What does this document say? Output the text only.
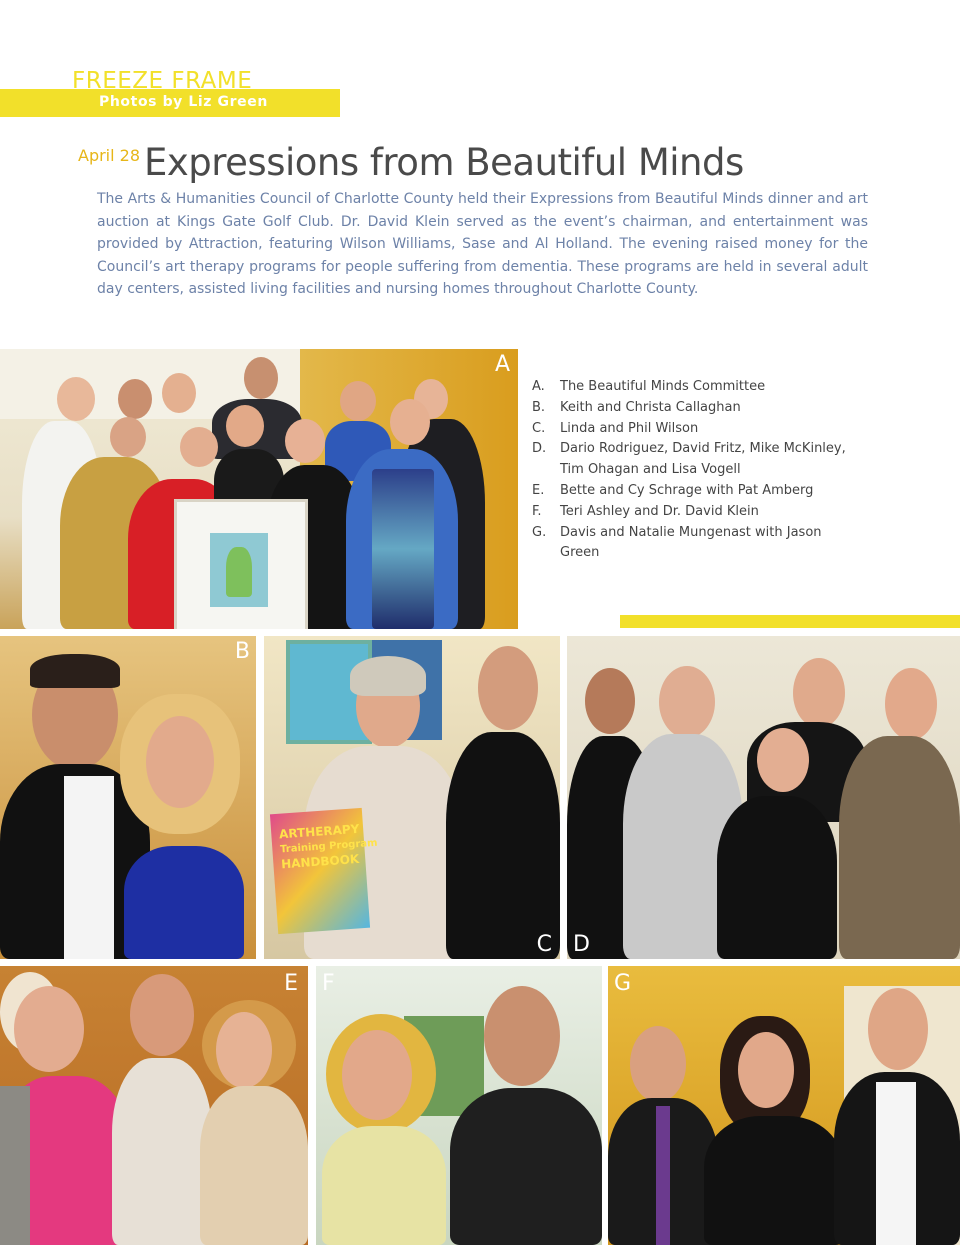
FREEZE FRAME
Photos by Liz Green
April 28 Expressions from Beautiful Minds
The Arts & Humanities Council of Charlotte County held their Expressions from Beautiful Minds dinner and art auction at Kings Gate Golf Club. Dr. David Klein served as the event’s chairman, and entertainment was provided by Attraction, featuring Wilson Williams, Sase and Al Holland. The evening raised money for the Council’s art therapy programs for people suffering from dementia. These programs are held in several adult day centers, assisted living facilities and nursing homes throughout Charlotte County.
A
A. The Beautiful Minds Committee
B. Keith and Christa Callaghan
C. Linda and Phil Wilson
D. Dario Rodriguez, David Fritz, Mike McKinley, Tim Ohagan and Lisa Vogell
E. Bette and Cy Schrage with Pat Amberg
F. Teri Ashley and Dr. David Klein
G. Davis and Natalie Mungenast with Jason Green
B
ARTHERAPY
Training Program
HANDBOOK
C D
E F	G
